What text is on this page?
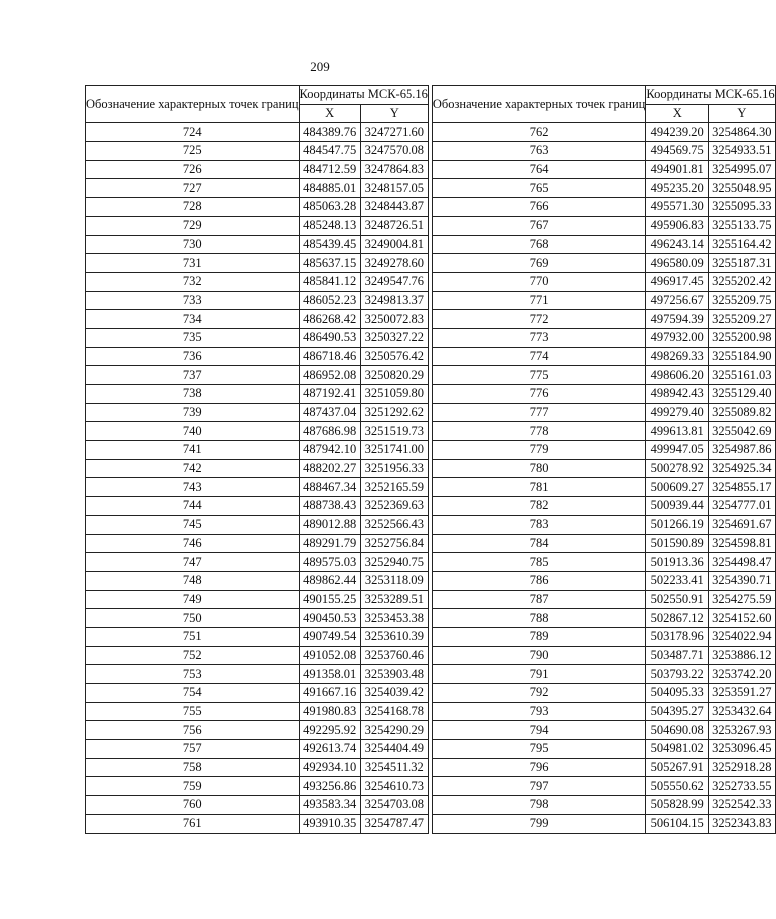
209
Обозначение характерных точек границ	Координаты МСК-65.16	
	X	Y
724	484389.76	3247271.60
725	484547.75	3247570.08
726	484712.59	3247864.83
727	484885.01	3248157.05
728	485063.28	3248443.87
729	485248.13	3248726.51
730	485439.45	3249004.81
731	485637.15	3249278.60
732	485841.12	3249547.76
733	486052.23	3249813.37
734	486268.42	3250072.83
735	486490.53	3250327.22
736	486718.46	3250576.42
737	486952.08	3250820.29
738	487192.41	3251059.80
739	487437.04	3251292.62
740	487686.98	3251519.73
741	487942.10	3251741.00
742	488202.27	3251956.33
743	488467.34	3252165.59
744	488738.43	3252369.63
745	489012.88	3252566.43
746	489291.79	3252756.84
747	489575.03	3252940.75
748	489862.44	3253118.09
749	490155.25	3253289.51
750	490450.53	3253453.38
751	490749.54	3253610.39
752	491052.08	3253760.46
753	491358.01	3253903.48
754	491667.16	3254039.42
755	491980.83	3254168.78
756	492295.92	3254290.29
757	492613.74	3254404.49
758	492934.10	3254511.32
759	493256.86	3254610.73
760	493583.34	3254703.08
761	493910.35	3254787.47
Обозначение характерных точек границ	Координаты МСК-65.16	
	X	Y
762	494239.20	3254864.30
763	494569.75	3254933.51
764	494901.81	3254995.07
765	495235.20	3255048.95
766	495571.30	3255095.33
767	495906.83	3255133.75
768	496243.14	3255164.42
769	496580.09	3255187.31
770	496917.45	3255202.42
771	497256.67	3255209.75
772	497594.39	3255209.27
773	497932.00	3255200.98
774	498269.33	3255184.90
775	498606.20	3255161.03
776	498942.43	3255129.40
777	499279.40	3255089.82
778	499613.81	3255042.69
779	499947.05	3254987.86
780	500278.92	3254925.34
781	500609.27	3254855.17
782	500939.44	3254777.01
783	501266.19	3254691.67
784	501590.89	3254598.81
785	501913.36	3254498.47
786	502233.41	3254390.71
787	502550.91	3254275.59
788	502867.12	3254152.60
789	503178.96	3254022.94
790	503487.71	3253886.12
791	503793.22	3253742.20
792	504095.33	3253591.27
793	504395.27	3253432.64
794	504690.08	3253267.93
795	504981.02	3253096.45
796	505267.91	3252918.28
797	505550.62	3252733.55
798	505828.99	3252542.33
799	506104.15	3252343.83
